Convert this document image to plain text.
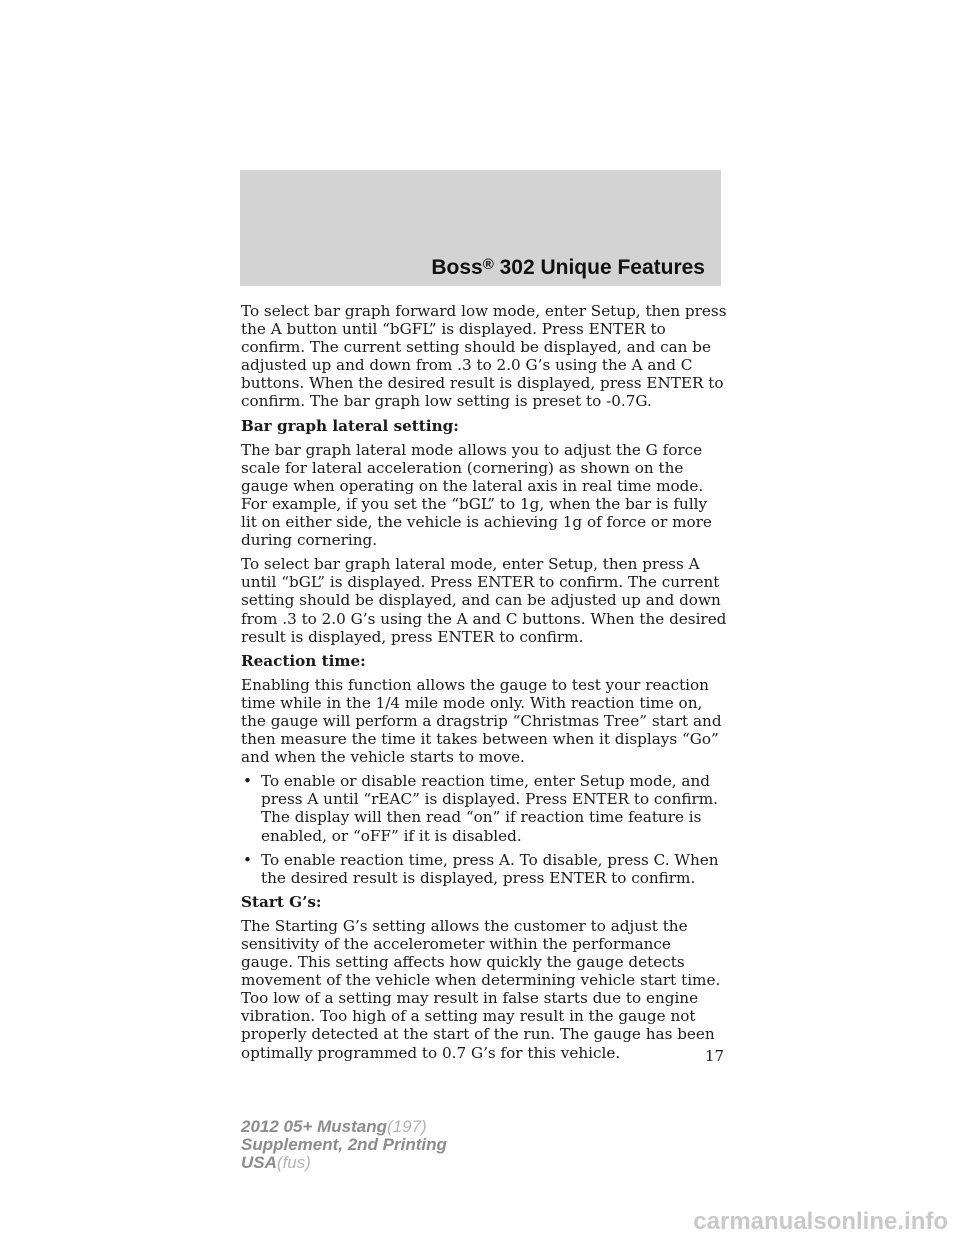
Boss® 302 Unique Features

To select bar graph forward low mode, enter Setup, then press the A button until “bGFL” is displayed. Press ENTER to confirm. The current setting should be displayed, and can be adjusted up and down from .3 to 2.0 G’s using the A and C buttons. When the desired result is displayed, press ENTER to confirm. The bar graph low setting is preset to -0.7G.

Bar graph lateral setting:

The bar graph lateral mode allows you to adjust the G force scale for lateral acceleration (cornering) as shown on the gauge when operating on the lateral axis in real time mode. For example, if you set the “bGL” to 1g, when the bar is fully lit on either side, the vehicle is achieving 1g of force or more during cornering.

To select bar graph lateral mode, enter Setup, then press A until “bGL” is displayed. Press ENTER to confirm. The current setting should be displayed, and can be adjusted up and down from .3 to 2.0 G’s using the A and C buttons. When the desired result is displayed, press ENTER to confirm.

Reaction time:

Enabling this function allows the gauge to test your reaction time while in the 1/4 mile mode only. With reaction time on, the gauge will perform a dragstrip “Christmas Tree” start and then measure the time it takes between when it displays “Go” and when the vehicle starts to move.

• To enable or disable reaction time, enter Setup mode, and press A until “rEAC” is displayed. Press ENTER to confirm. The display will then read “on” if reaction time feature is enabled, or “oFF” if it is disabled.
• To enable reaction time, press A. To disable, press C. When the desired result is displayed, press ENTER to confirm.
Start G’s:

The Starting G’s setting allows the customer to adjust the sensitivity of the accelerometer within the performance gauge. This setting affects how quickly the gauge detects movement of the vehicle when determining vehicle start time. Too low of a setting may result in false starts due to engine vibration. Too high of a setting may result in the gauge not properly detected at the start of the run. The gauge has been optimally programmed to 0.7 G’s for this vehicle.	17
2012 05+ Mustang(197)
Supplement, 2nd Printing
USA(fus)
carmanualsonline.info
